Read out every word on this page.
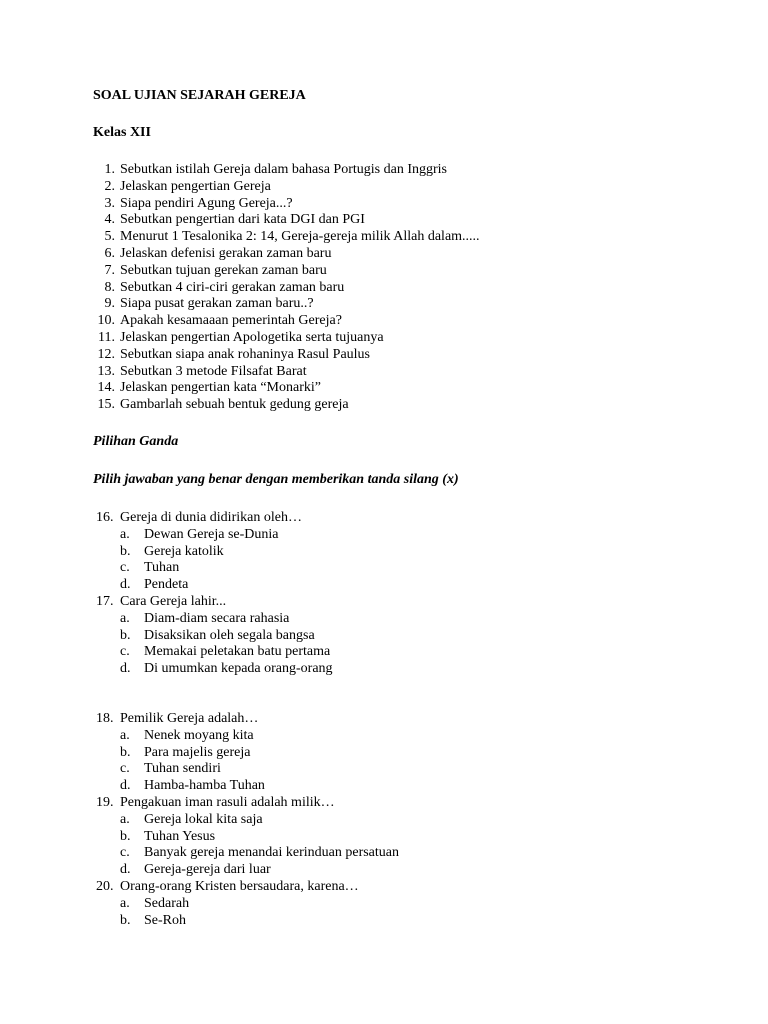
SOAL UJIAN SEJARAH GEREJA
Kelas XII
1. Sebutkan istilah Gereja dalam bahasa Portugis dan Inggris
2. Jelaskan pengertian Gereja
3. Siapa pendiri Agung Gereja...?
4. Sebutkan pengertian dari kata DGI dan PGI
5. Menurut 1 Tesalonika 2: 14, Gereja-gereja milik Allah dalam.....
6. Jelaskan defenisi gerakan zaman baru
7. Sebutkan tujuan gerekan zaman baru
8. Sebutkan 4 ciri-ciri gerakan zaman baru
9. Siapa pusat gerakan zaman baru..?
10. Apakah kesamaaan pemerintah Gereja?
11. Jelaskan pengertian Apologetika serta tujuanya
12. Sebutkan siapa anak rohaninya Rasul Paulus
13. Sebutkan 3 metode Filsafat Barat
14. Jelaskan pengertian kata “Monarki”
15. Gambarlah sebuah bentuk gedung gereja
Pilihan Ganda
Pilih jawaban yang benar dengan memberikan tanda silang (x)
16. Gereja di dunia didirikan oleh…
a. Dewan Gereja se-Dunia
b. Gereja katolik
c. Tuhan
d. Pendeta
17. Cara Gereja lahir...
a. Diam-diam secara rahasia
b. Disaksikan oleh segala bangsa
c. Memakai peletakan batu pertama
d. Di umumkan kepada orang-orang
18. Pemilik Gereja adalah…
a. Nenek moyang kita
b. Para majelis gereja
c. Tuhan sendiri
d. Hamba-hamba Tuhan
19. Pengakuan iman rasuli adalah milik…
a. Gereja lokal kita saja
b. Tuhan Yesus
c. Banyak gereja menandai kerinduan persatuan
d. Gereja-gereja dari luar
20. Orang-orang Kristen bersaudara, karena…
a. Sedarah
b. Se-Roh
